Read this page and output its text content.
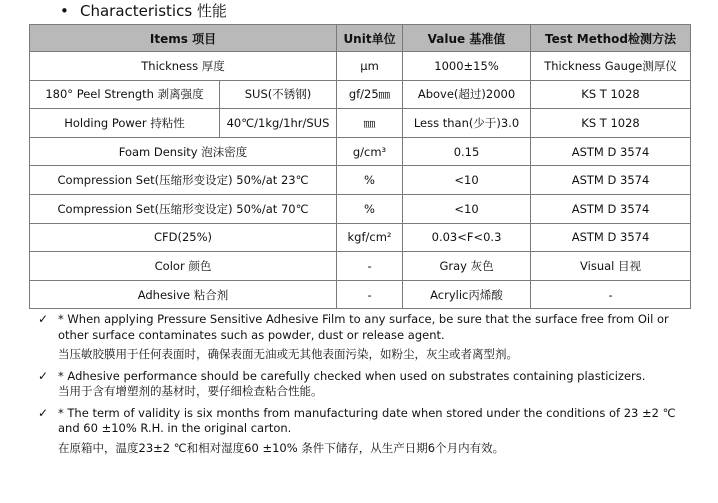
• Characteristics 性能
Items 项目		Unit单位	Value 基准值	Test Method检测方法
Thickness 厚度		μm	1000±15%	Thickness Gauge测厚仪
180° Peel Strength 剥离强度	SUS(不锈钢)	gf/25㎜	Above(超过)2000	KS T 1028
Holding Power 持粘性	40℃/1kg/1hr/SUS	㎜	Less than(少于)3.0	KS T 1028
Foam Density 泡沫密度		g/cm³	0.15	ASTM D 3574
Compression Set(压缩形变设定) 50%/at 23℃		%	<10	ASTM D 3574
Compression Set(压缩形变设定) 50%/at 70℃		%	<10	ASTM D 3574
CFD(25%)		kgf/cm²	0.03<F<0.3	ASTM D 3574
Color 颜色		-	Gray 灰色	Visual 目视
Adhesive 粘合剂		-	Acrylic丙烯酸	-
✓ * When applying Pressure Sensitive Adhesive Film to any surface, be sure that the surface free from Oil or other surface contaminates such as powder, dust or release agent.
当压敏胶膜用于任何表面时，确保表面无油或无其他表面污染，如粉尘，灰尘或者离型剂。
✓ * Adhesive performance should be carefully checked when used on substrates containing plasticizers.
当用于含有增塑剂的基材时，要仔细检查粘合性能。
✓ * The term of validity is six months from manufacturing date when stored under the conditions of 23 ±2 ℃ and 60 ±10% R.H. in the original carton.
在原箱中，温度23±2 ℃和相对湿度60 ±10% 条件下储存，从生产日期6个月内有效。
